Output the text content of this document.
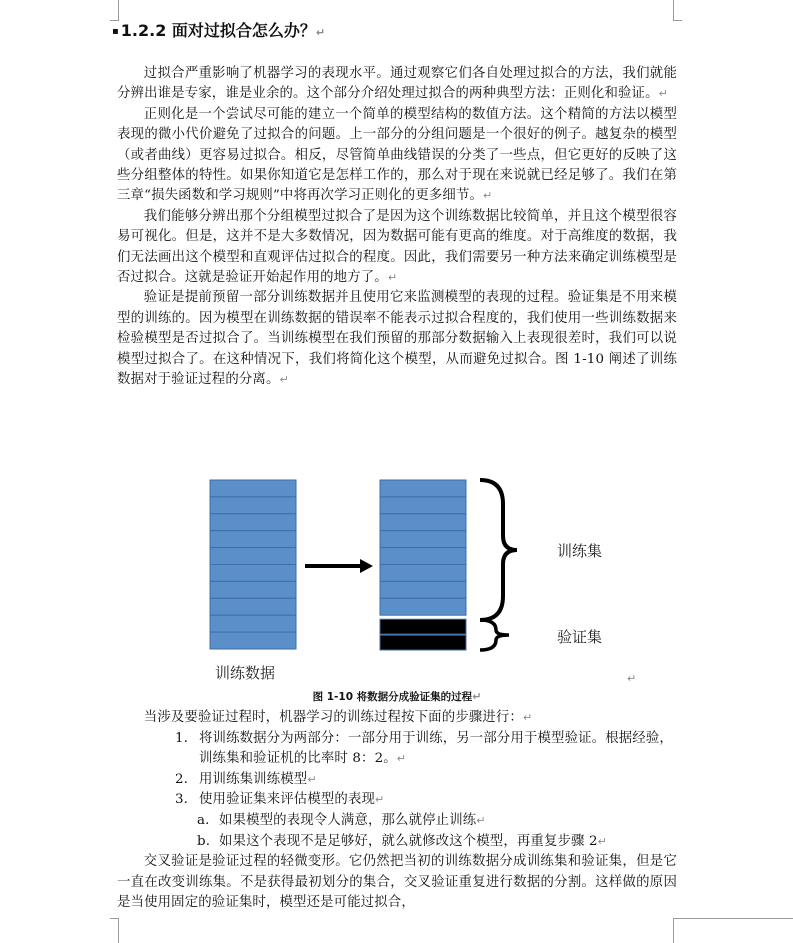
▪ 1.2.2 面对过拟合怎么办？↵

过拟合严重影响了机器学习的表现水平。通过观察它们各自处理过拟合的方法，我们就能分辨出谁是专家，谁是业余的。这个部分介绍处理过拟合的两种典型方法：正则化和验证。↵

正则化是一个尝试尽可能的建立一个简单的模型结构的数值方法。这个精简的方法以模型表现的微小代价避免了过拟合的问题。上一部分的分组问题是一个很好的例子。越复杂的模型（或者曲线）更容易过拟合。相反，尽管简单曲线错误的分类了一些点，但它更好的反映了这些分组整体的特性。如果你知道它是怎样工作的，那么对于现在来说就已经足够了。我们在第三章“损失函数和学习规则”中将再次学习正则化的更多细节。↵

我们能够分辨出那个分组模型过拟合了是因为这个训练数据比较简单，并且这个模型很容易可视化。但是，这并不是大多数情况，因为数据可能有更高的维度。对于高维度的数据，我们无法画出这个模型和直观评估过拟合的程度。因此，我们需要另一种方法来确定训练模型是否过拟合。这就是验证开始起作用的地方了。↵

验证是提前预留一部分训练数据并且使用它来监测模型的表现的过程。验证集是不用来模型的训练的。因为模型在训练数据的错误率不能表示过拟合程度的，我们使用一些训练数据来检验模型是否过拟合了。当训练模型在我们预留的那部分数据输入上表现很差时，我们可以说模型过拟合了。在这种情况下，我们将简化这个模型，从而避免过拟合。图 1-10 阐述了训练数据对于验证过程的分离。↵

训练集
验证集
训练数据	↵
图 1-10 将数据分成验证集的过程↵

当涉及要验证过程时，机器学习的训练过程按下面的步骤进行：↵

1. 将训练数据分为两部分：一部分用于训练，另一部分用于模型验证。根据经验，训练集和验证机的比率时 8：2。↵
2. 用训练集训练模型↵
3. 使用验证集来评估模型的表现↵
a. 如果模型的表现令人满意，那么就停止训练↵
b. 如果这个表现不是足够好，就么就修改这个模型，再重复步骤 2↵

交叉验证是验证过程的轻微变形。它仍然把当初的训练数据分成训练集和验证集，但是它一直在改变训练集。不是获得最初划分的集合，交叉验证重复进行数据的分割。这样做的原因是当使用固定的验证集时，模型还是可能过拟合，
